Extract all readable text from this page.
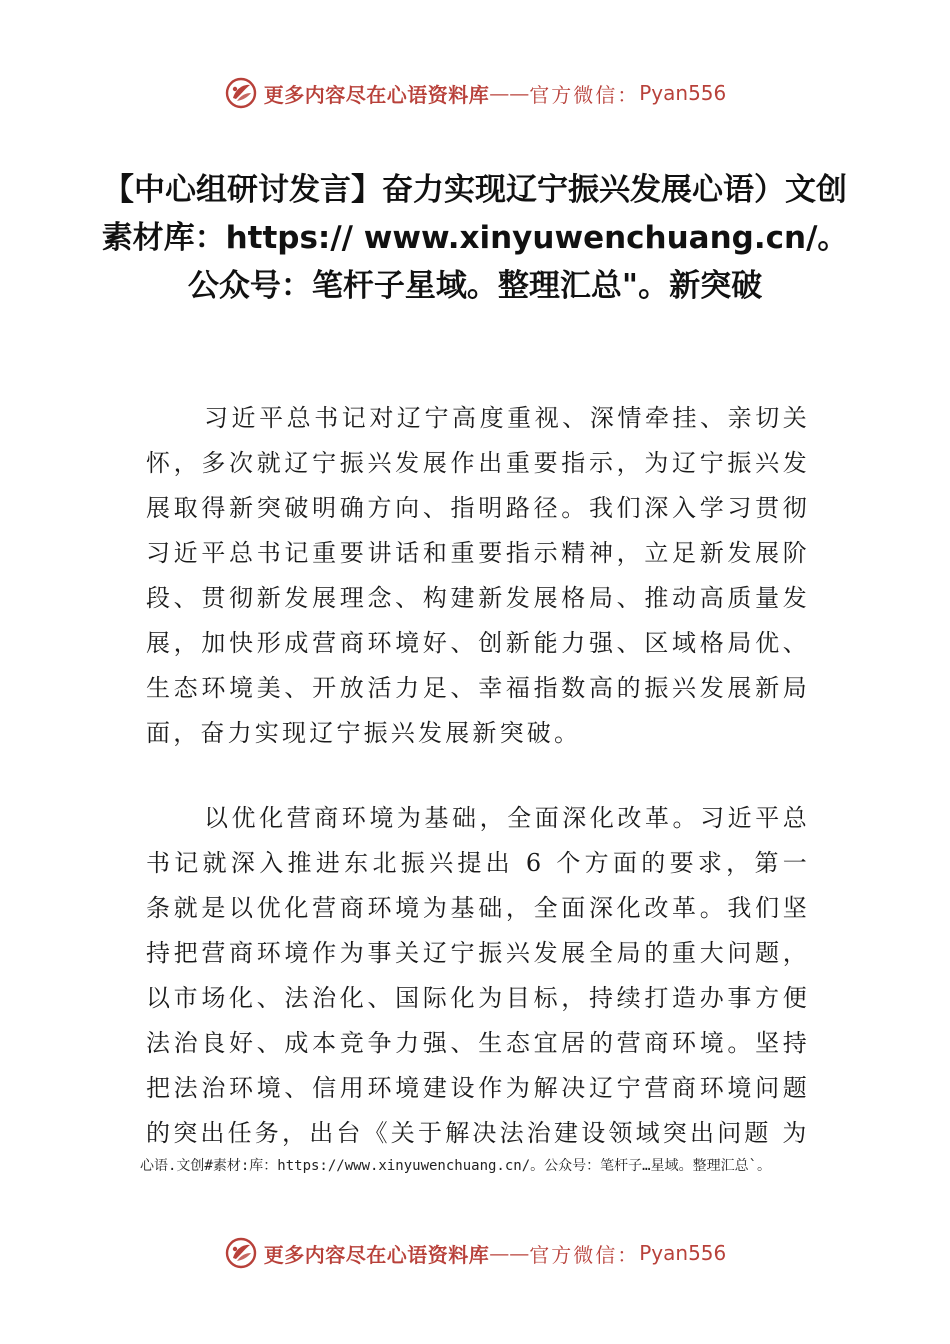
更多内容尽在心语资料库 —— 官方微信： Pyan556
【中心组研讨发言】奋力实现辽宁振兴发展心语）文创素材库：https:// www.xinyuwenchuang.cn/。公众号：笔杆子星域。整理汇总"。新突破

习近平总书记对辽宁高度重视、深情牵挂、亲切关怀，多次就辽宁振兴发展作出重要指示，为辽宁振兴发展取得新突破明确方向、指明路径。我们深入学习贯彻习近平总书记重要讲话和重要指示精神，立足新发展阶段、贯彻新发展理念、构建新发展格局、推动高质量发展，加快形成营商环境好、创新能力强、区域格局优、生态环境美、开放活力足、幸福指数高的振兴发展新局面，奋力实现辽宁振兴发展新突破。

以优化营商环境为基础，全面深化改革。习近平总书记就深入推进东北振兴提出 6 个方面的要求，第一条就是以优化营商环境为基础，全面深化改革。我们坚持把营商环境作为事关辽宁振兴发展全局的重大问题，以市场化、法治化、国际化为目标，持续打造办事方便法治良好、成本竞争力强、生态宜居的营商环境。坚持把法治环境、信用环境建设作为解决辽宁营商环境问题的突出任务，出台《关于解决法治建设领域突出问题 为

心语.文创#素材:库：https://www.xinyuwenchuang.cn/。公众号：笔杆子…星域。整理汇总`。

更多内容尽在心语资料库 —— 官方微信： Pyan556
